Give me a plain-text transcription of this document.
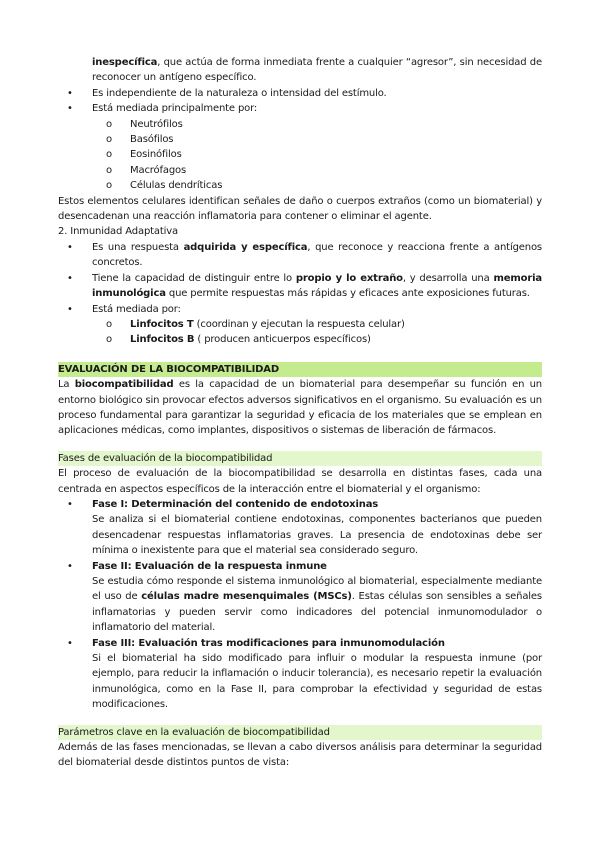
inespecífica, que actúa de forma inmediata frente a cualquier “agresor”, sin necesidad de reconocer un antígeno específico.

• Es independiente de la naturaleza o intensidad del estímulo.
• Está mediada principalmente por:
o Neutrófilos
o Basófilos
o Eosinófilos
o Macrófagos
o Células dendríticas

Estos elementos celulares identifican señales de daño o cuerpos extraños (como un biomaterial) y desencadenan una reacción inflamatoria para contener o eliminar el agente.

2. Inmunidad Adaptativa

• Es una respuesta adquirida y específica, que reconoce y reacciona frente a antígenos concretos.
• Tiene la capacidad de distinguir entre lo propio y lo extraño, y desarrolla una memoria inmunológica que permite respuestas más rápidas y eficaces ante exposiciones futuras.
• Está mediada por:
o Linfocitos T (coordinan y ejecutan la respuesta celular)
o Linfocitos B ( producen anticuerpos específicos)

EVALUACIÓN DE LA BIOCOMPATIBILIDAD

La biocompatibilidad es la capacidad de un biomaterial para desempeñar su función en un entorno biológico sin provocar efectos adversos significativos en el organismo. Su evaluación es un proceso fundamental para garantizar la seguridad y eficacia de los materiales que se emplean en aplicaciones médicas, como implantes, dispositivos o sistemas de liberación de fármacos.

Fases de evaluación de la biocompatibilidad

El proceso de evaluación de la biocompatibilidad se desarrolla en distintas fases, cada una centrada en aspectos específicos de la interacción entre el biomaterial y el organismo:

• Fase I: Determinación del contenido de endotoxinas

Se analiza si el biomaterial contiene endotoxinas, componentes bacterianos que pueden desencadenar respuestas inflamatorias graves. La presencia de endotoxinas debe ser mínima o inexistente para que el material sea considerado seguro.

• Fase II: Evaluación de la respuesta inmune

Se estudia cómo responde el sistema inmunológico al biomaterial, especialmente mediante el uso de células madre mesenquimales (MSCs). Estas células son sensibles a señales inflamatorias y pueden servir como indicadores del potencial inmunomodulador o inflamatorio del material.

• Fase III: Evaluación tras modificaciones para inmunomodulación

Si el biomaterial ha sido modificado para influir o modular la respuesta inmune (por ejemplo, para reducir la inflamación o inducir tolerancia), es necesario repetir la evaluación inmunológica, como en la Fase II, para comprobar la efectividad y seguridad de estas modificaciones.

Parámetros clave en la evaluación de biocompatibilidad

Además de las fases mencionadas, se llevan a cabo diversos análisis para determinar la seguridad del biomaterial desde distintos puntos de vista:
